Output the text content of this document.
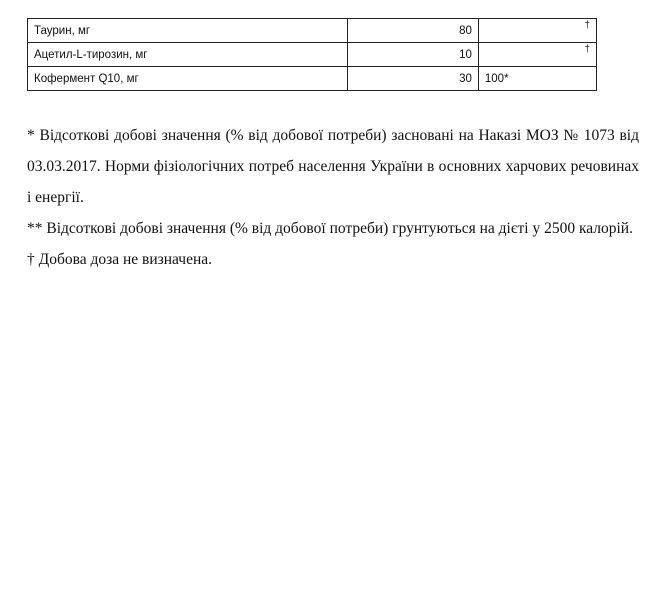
Таурин, мг	80	†

Ацетил-L-тирозин, мг	10	†

Кофермент Q10, мг	30	100*

* Відсоткові добові значення (% від добової потреби) засновані на Наказі МОЗ № 1073 від 03.03.2017. Норми фізіологічних потреб населення України в основних харчових речовинах і енергії.

** Відсоткові добові значення (% від добової потреби) грунтуються на дієті у 2500 калорій.

† Добова доза не визначена.
